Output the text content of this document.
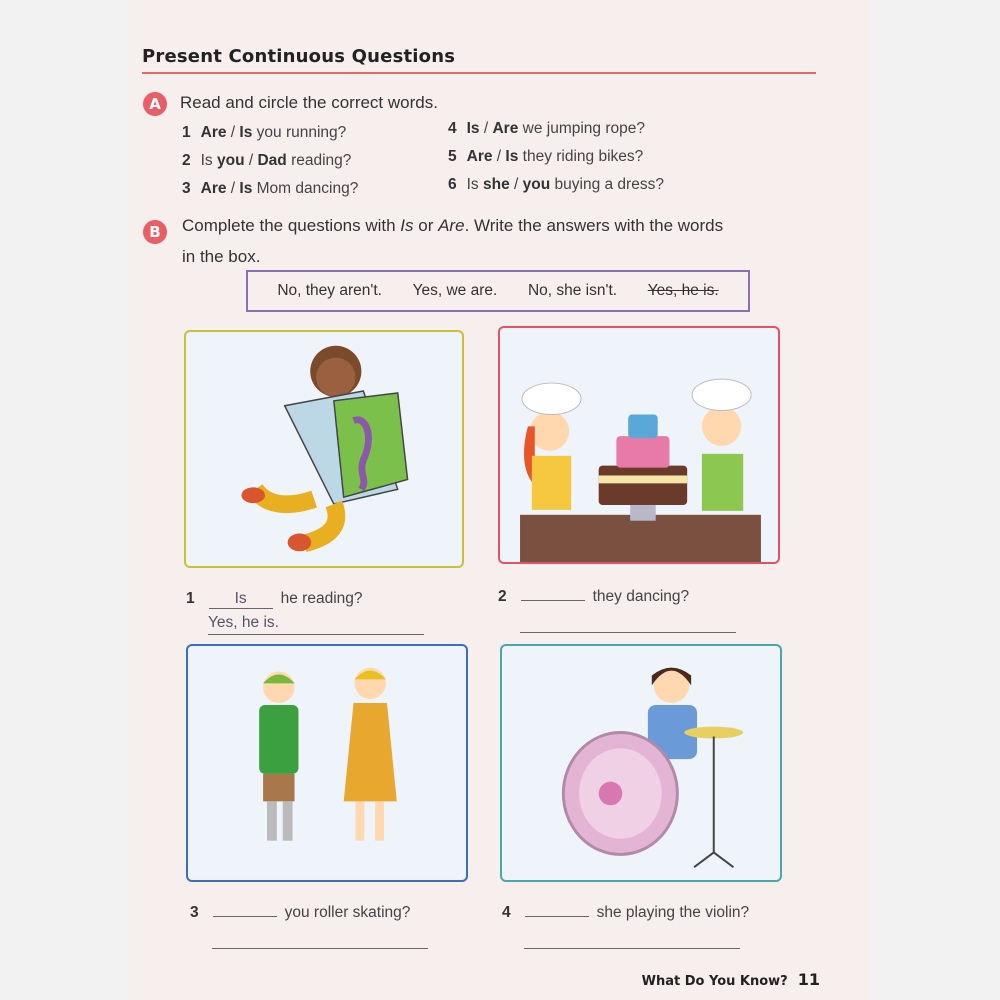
Present Continuous Questions
A	Read and circle the correct words.
1 Are / Is you running?
2 Is you / Dad reading?
3 Are / Is Mom dancing?
4 Is / Are we jumping rope?
5 Are / Is they riding bikes?
6 Is she / you buying a dress?
B	Complete the questions with Is or Are. Write the answers with the words
in the box.
No, they aren't. Yes, we are. No, she isn't. Yes, he is.
1	Is he reading?
Yes, he is.
2	they dancing?
3	you roller skating?	4	she playing the violin?
What Do You Know? 11
